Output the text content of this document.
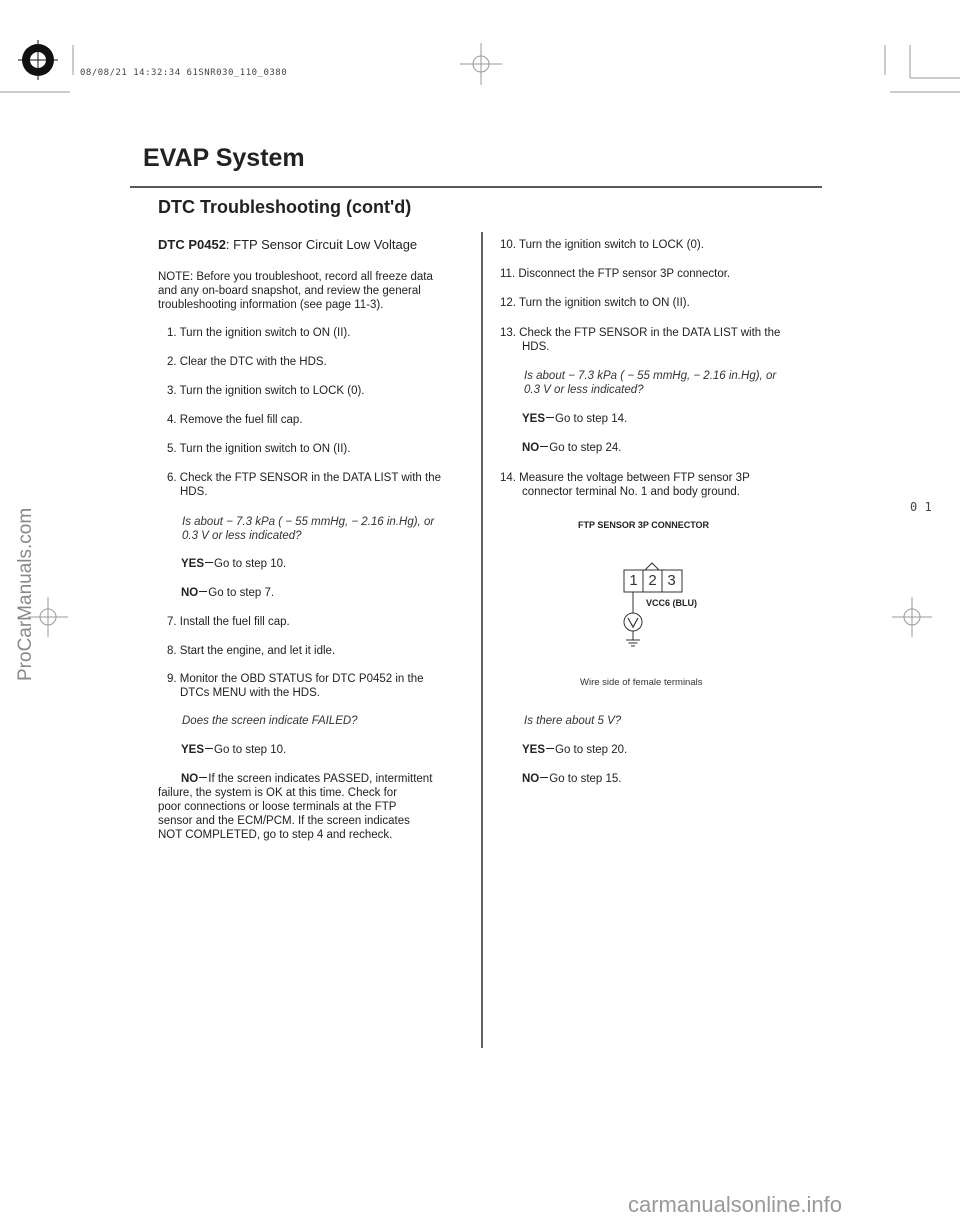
08/08/21 14:32:34 61SNR030_110_0380
EVAP System
DTC Troubleshooting (cont'd)
ProCarManuals.com
0 1
DTC P0452: FTP Sensor Circuit Low Voltage
NOTE: Before you troubleshoot, record all freeze data
and any on-board snapshot, and review the general
troubleshooting information (see page 11-3).
1. Turn the ignition switch to ON (II).
2. Clear the DTC with the HDS.
3. Turn the ignition switch to LOCK (0).
4. Remove the fuel fill cap.
5. Turn the ignition switch to ON (II).
6. Check the FTP SENSOR in the DATA LIST with the
HDS.
Is about − 7.3 kPa ( − 55 mmHg, − 2.16 in.Hg), or
0.3 V or less indicated?
YES Go to step 10.
NO Go to step 7.
7. Install the fuel fill cap.
8. Start the engine, and let it idle.
9. Monitor the OBD STATUS for DTC P0452 in the
DTCs MENU with the HDS.
Does the screen indicate FAILED?
YES Go to step 10.
NO If the screen indicates PASSED, intermittent
failure, the system is OK at this time. Check for
poor connections or loose terminals at the FTP
sensor and the ECM/PCM. If the screen indicates
NOT COMPLETED, go to step 4 and recheck.
10. Turn the ignition switch to LOCK (0).
11. Disconnect the FTP sensor 3P connector.
12. Turn the ignition switch to ON (II).
13. Check the FTP SENSOR in the DATA LIST with the
HDS.
Is about − 7.3 kPa ( − 55 mmHg, − 2.16 in.Hg), or
0.3 V or less indicated?
YES Go to step 14.
NO Go to step 24.
14. Measure the voltage between FTP sensor 3P
connector terminal No. 1 and body ground.
FTP SENSOR 3P CONNECTOR
1 2 3
VCC6 (BLU)
Wire side of female terminals
Is there about 5 V?
YES Go to step 20.
NO Go to step 15.
carmanualsonline.info
